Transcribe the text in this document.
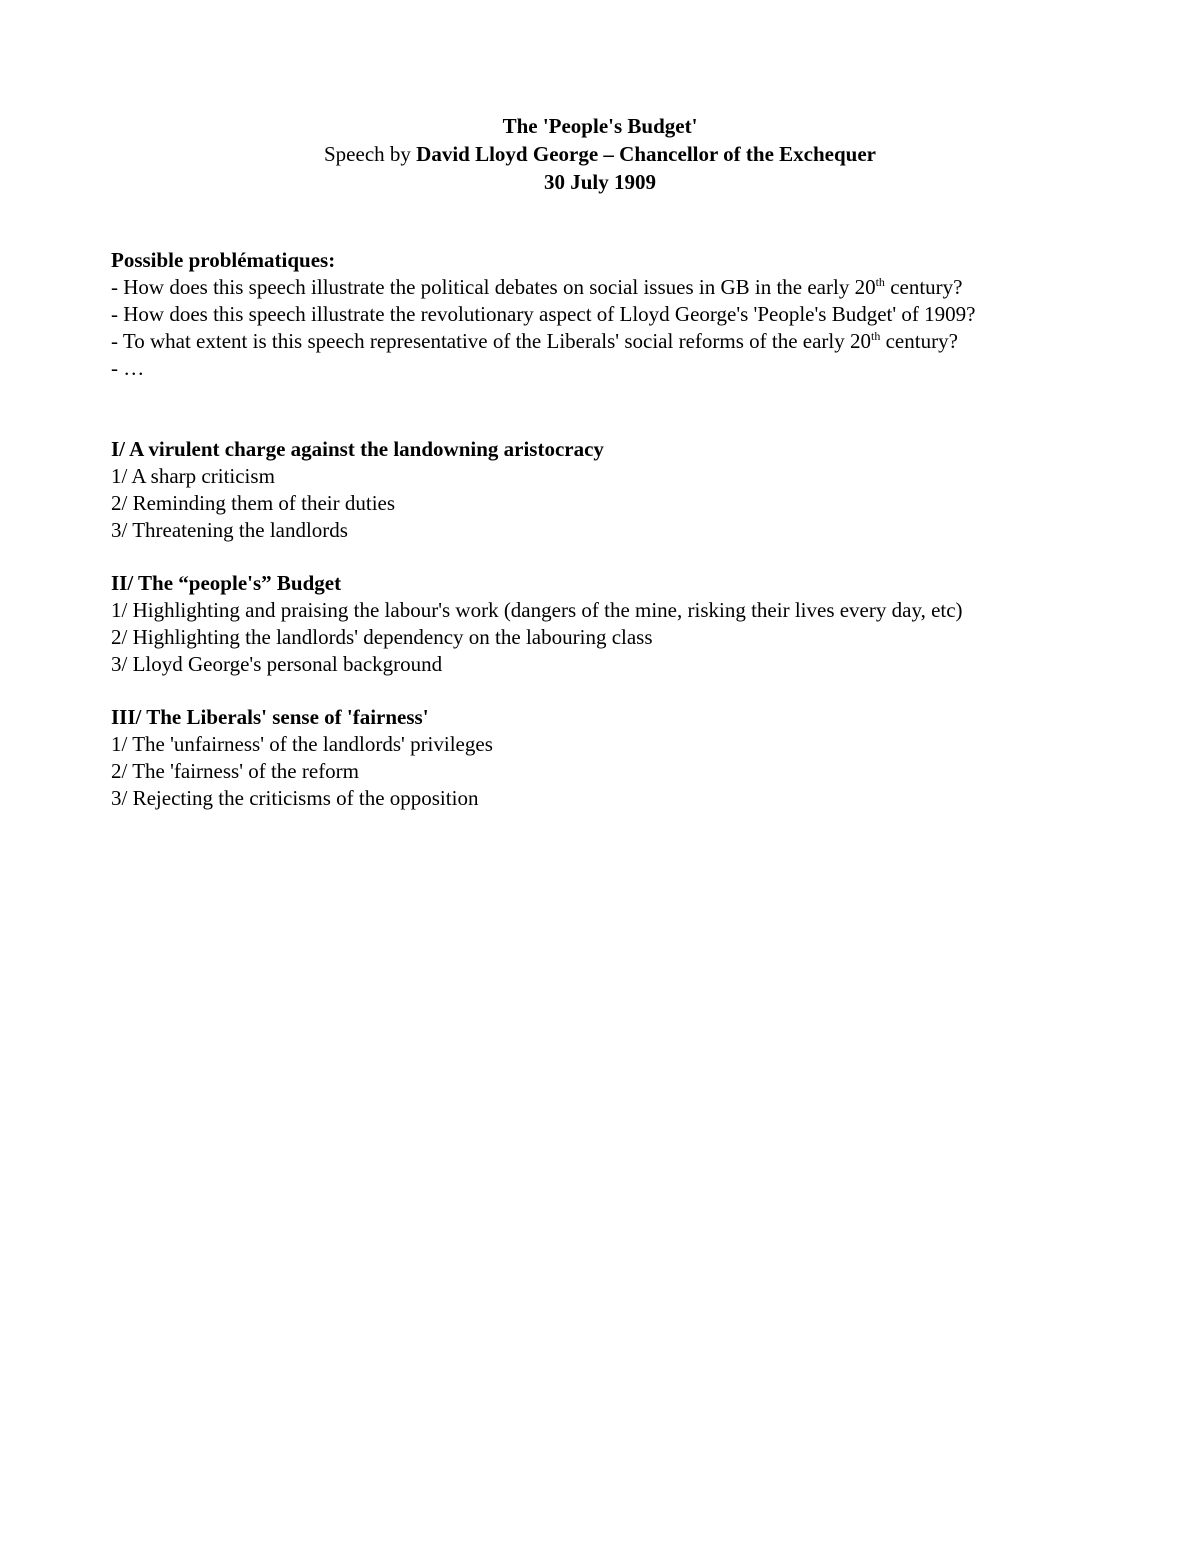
The 'People's Budget'
Speech by David Lloyd George – Chancellor of the Exchequer
30 July 1909
Possible problématiques:
- How does this speech illustrate the political debates on social issues in GB in the early 20th century?
- How does this speech illustrate the revolutionary aspect of Lloyd George's 'People's Budget' of 1909?
- To what extent is this speech representative of the Liberals' social reforms of the early 20th century?
- …
I/ A virulent charge against the landowning aristocracy
1/ A sharp criticism
2/ Reminding them of their duties
3/ Threatening the landlords
II/ The “people's” Budget
1/ Highlighting and praising the labour's work (dangers of the mine, risking their lives every day, etc)
2/ Highlighting the landlords' dependency on the labouring class
3/ Lloyd George's personal background
III/ The Liberals' sense of 'fairness'
1/ The 'unfairness' of the landlords' privileges
2/ The 'fairness' of the reform
3/ Rejecting the criticisms of the opposition
